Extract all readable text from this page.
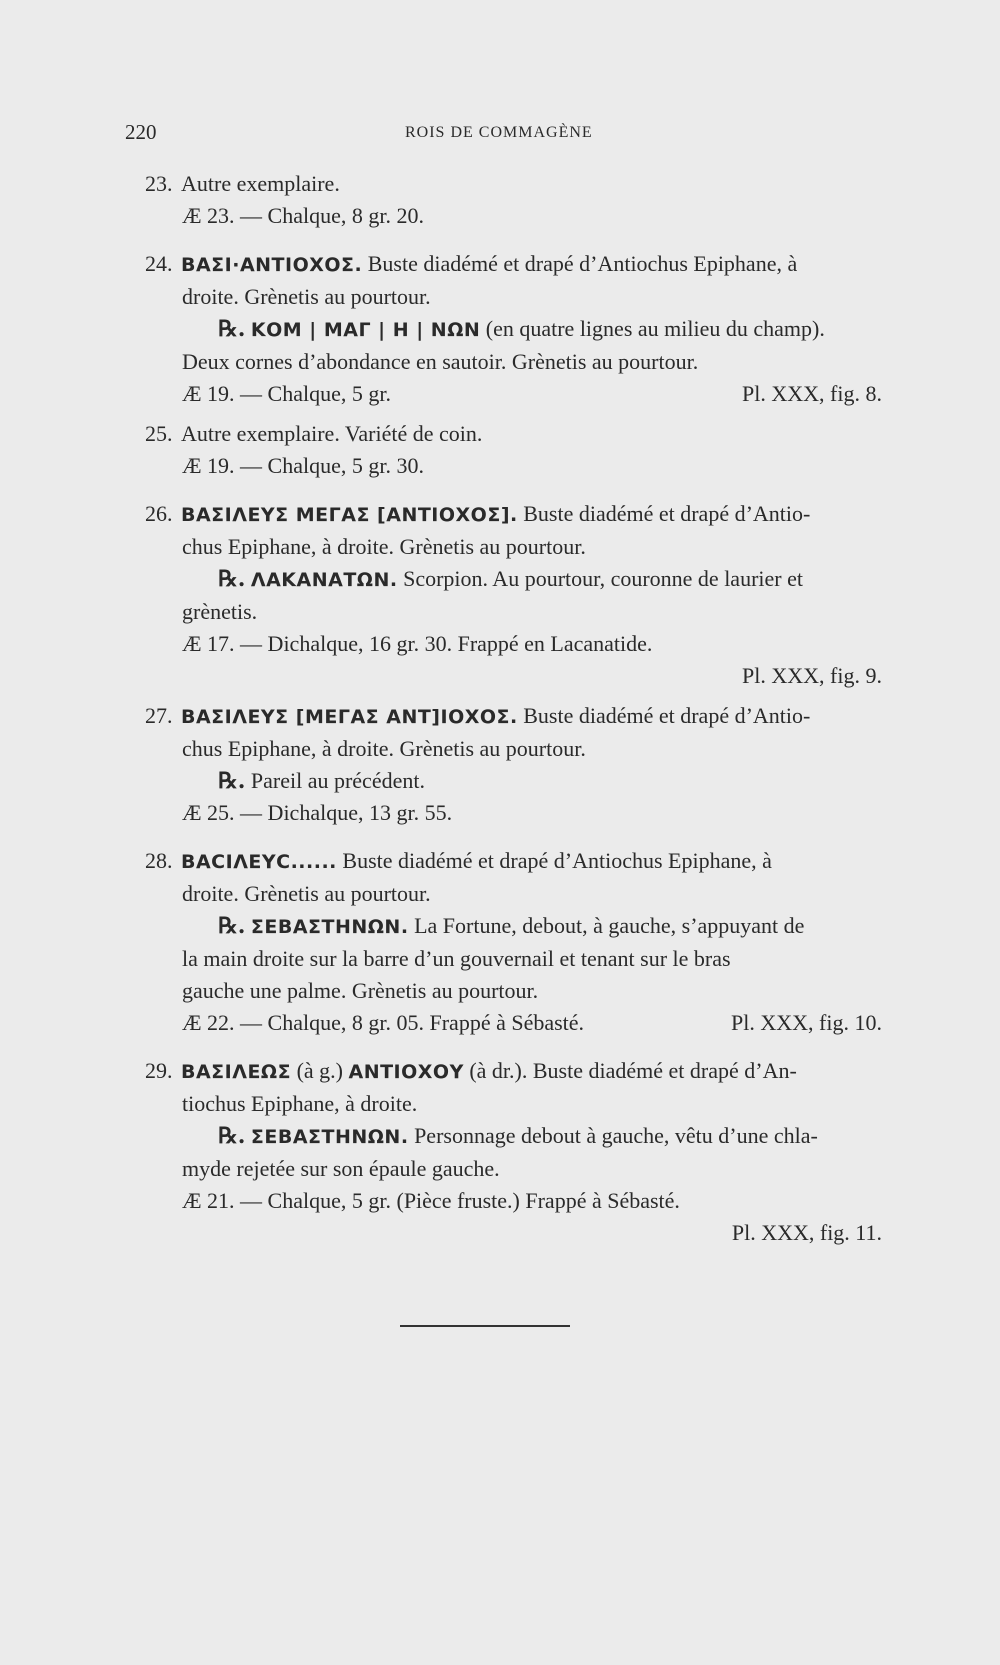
220	ROIS DE COMMAGÈNE
23. Autre exemplaire.
Æ 23. — Chalque, 8 gr. 20.
24. ΒΑΣΙ·ΑΝΤΙΟΧΟΣ. Buste diadémé et drapé d’Antiochus Epiphane, à
droite. Grènetis au pourtour.
℞. ΚΟΜ | ΜΑΓ | Η | ΝΩΝ (en quatre lignes au milieu du champ).
Deux cornes d’abondance en sautoir. Grènetis au pourtour.
Æ 19. — Chalque, 5 gr.	Pl. XXX, fig. 8.
25. Autre exemplaire. Variété de coin.
Æ 19. — Chalque, 5 gr. 30.
26. ΒΑΣΙΛΕΥΣ ΜΕΓΑΣ [ΑΝΤΙΟΧΟΣ]. Buste diadémé et drapé d’Antio-
chus Epiphane, à droite. Grènetis au pourtour.
℞. ΛΑΚΑΝΑΤΩΝ. Scorpion. Au pourtour, couronne de laurier et
grènetis.
Æ 17. — Dichalque, 16 gr. 30. Frappé en Lacanatide.
Pl. XXX, fig. 9.
27. ΒΑΣΙΛΕΥΣ [ΜΕΓΑΣ ΑΝΤ]ΙΟΧΟΣ. Buste diadémé et drapé d’Antio-
chus Epiphane, à droite. Grènetis au pourtour.
℞. Pareil au précédent.
Æ 25. — Dichalque, 13 gr. 55.
28. ΒΑCΙΛΕΥC...... Buste diadémé et drapé d’Antiochus Epiphane, à
droite. Grènetis au pourtour.
℞. ΣΕΒΑΣΤΗΝΩΝ. La Fortune, debout, à gauche, s’appuyant de
la main droite sur la barre d’un gouvernail et tenant sur le bras
gauche une palme. Grènetis au pourtour.
Æ 22. — Chalque, 8 gr. 05. Frappé à Sébasté.	Pl. XXX, fig. 10.
29. ΒΑΣΙΛΕΩΣ (à g.) ΑΝΤΙΟΧΟΥ (à dr.). Buste diadémé et drapé d’An-
tiochus Epiphane, à droite.
℞. ΣΕΒΑΣΤΗΝΩΝ. Personnage debout à gauche, vêtu d’une chla-
myde rejetée sur son épaule gauche.
Æ 21. — Chalque, 5 gr. (Pièce fruste.) Frappé à Sébasté.
Pl. XXX, fig. 11.
